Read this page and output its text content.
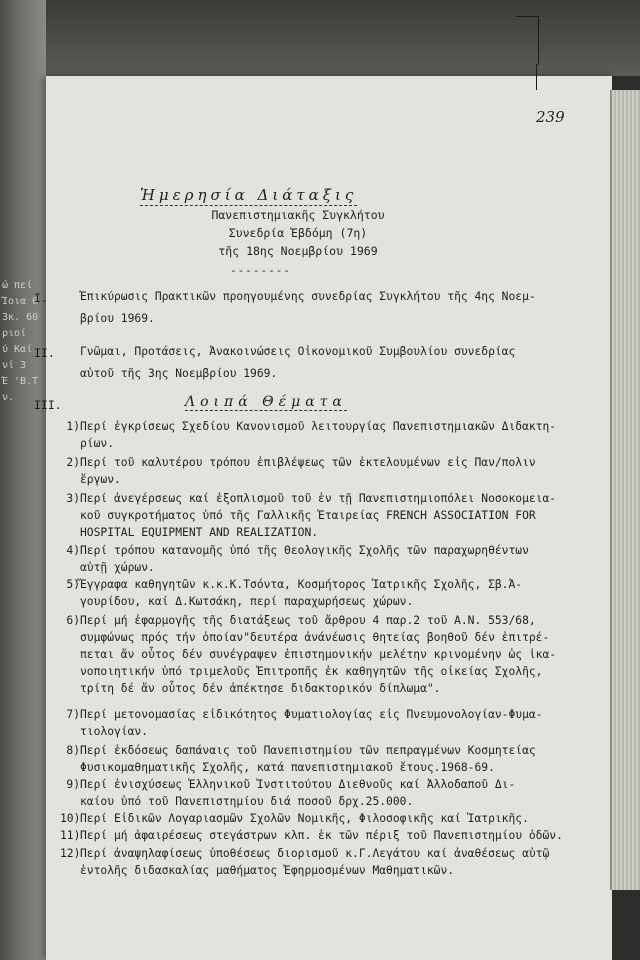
ώ πεί
Ίοια 0
3κ. 60
ριοί
ύ Καί
νί 3
Έ 'Β.Τ
ν.
239
Ἡμερησία Διάταξις
Πανεπιστημιακῆς Συγκλήτου
Συνεδρία Ἑβδόμη (7η)
τῆς 18ης Νοεμβρίου 1969
--------
I.	Ἐπικύρωσις Πρακτικῶν προηγουμένης συνεδρίας Συγκλήτου τῆς 4ης Νοεμ-
βρίου 1969.
II. Γνῶμαι, Προτάσεις, Ἀνακοινώσεις Οἰκονομικοῦ Συμβουλίου συνεδρίας
αὐτοῦ τῆς 3ης Νοεμβρίου 1969.
III.	Λοιπά Θέματα
1) Περί ἐγκρίσεως Σχεδίου Κανονισμοῦ λειτουργίας Πανεπιστημιακῶν Διδακτη-
ρίων.
2) Περί τοῦ καλυτέρου τρόπου ἐπιβλέψεως τῶν ἐκτελουμένων εἰς Παν/πολιν
ἔργων.
3) Περί ἀνεγέρσεως καί ἐξοπλισμοῦ τοῦ ἐν τῇ Πανεπιστημιοπόλει Νοσοκομεια-
κοῦ συγκροτήματος ὑπό τῆς Γαλλικῆς Ἑταιρείας FRENCH ASSOCIATION FOR
HOSPITAL EQUIPMENT AND REALIZATION.
4) Περί τρόπου κατανομῆς ὑπό τῆς Θεολογικῆς Σχολῆς τῶν παραχωρηθέντων
αὐτῇ χώρων.
5) Ἔγγραφα καθηγητῶν κ.κ.Κ.Τσόντα, Κοσμήτορος Ἰατρικῆς Σχολῆς, Σβ.Ἀ-
γουρίδου, καί Δ.Κωτσάκη, περί παραχωρήσεως χώρων.
6) Περί μή ἐφαρμογῆς τῆς διατάξεως τοῦ ἄρθρου 4 παρ.2 τοῦ Α.Ν. 553/68,
συμφώνως πρός τήν ὁποίαν"δευτέρα ἀνάνέωσις θητείας βοηθοῦ δέν ἐπιτρέ-
πεται ἄν οὗτος δέν συνέγραψεν ἐπιστημονικήν μελέτην κρινομένην ὡς ἱκα-
νοποιητικήν ὑπό τριμελοῦς Ἐπιτροπῆς ἐκ καθηγητῶν τῆς οἰκείας Σχολῆς,
τρίτη δέ ἄν οὗτος δέν ἀπέκτησε διδακτορικόν δίπλωμα".
7) Περί μετονομασίας εἰδικότητος Φυματιολογίας εἰς Πνευμονολογίαν-Φυμα-
τιολογίαν.
8) Περί ἐκδόσεως δαπάναις τοῦ Πανεπιστημίου τῶν πεπραγμένων Κοσμητείας
Φυσικομαθηματικῆς Σχολῆς, κατά πανεπιστημιακοῦ ἔτους.1968-69.
9) Περί ἐνισχύσεως Ἑλληνικοῦ Ἰνστιτούτου Διεθνοῦς καί Ἀλλοδαποῦ Δι-
καίου ὑπό τοῦ Πανεπιστημίου διά ποσοῦ δρχ.25.000.
10) Περί Εἰδικῶν Λογαριασμῶν Σχολῶν Νομικῆς, Φιλοσοφικῆς καί Ἰατρικῆς.
11) Περί μή ἀφαιρέσεως στεγάστρων κλπ. ἐκ τῶν πέριξ τοῦ Πανεπιστημίου ὁδῶν.
12) Περί ἀναψηλαφίσεως ὑποθέσεως διορισμοῦ κ.Γ.Λεγάτου καί ἀναθέσεως αὐτῷ
ἐντολῆς διδασκαλίας μαθήματος Ἐφηρμοσμένων Μαθηματικῶν.
